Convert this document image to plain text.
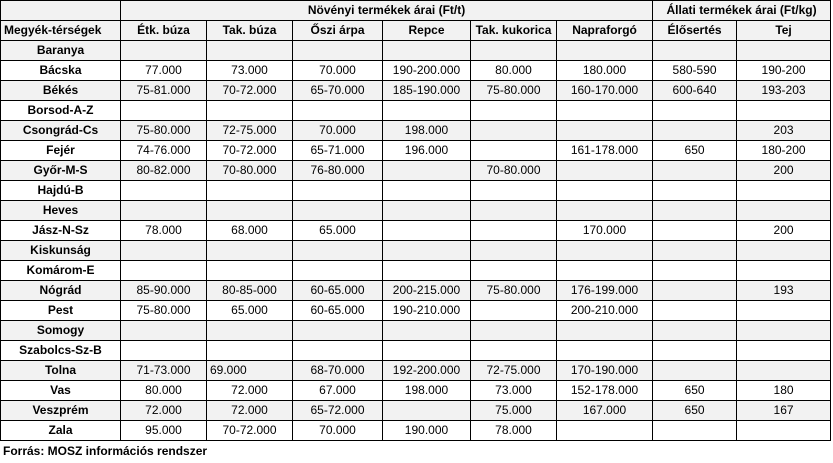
	Növényi termékek árai (Ft/t)						Állati termékek árai (Ft/kg)	
Megyék-térségek	Étk. búza	Tak. búza	Őszi árpa	Repce	Tak. kukorica	Napraforgó	Élősertés	Tej
Baranya								
Bácska	77.000	73.000	70.000	190-200.000	80.000	180.000	580-590	190-200
Békés	75-81.000	70-72.000	65-70.000	185-190.000	75-80.000	160-170.000	600-640	193-203
Borsod-A-Z								
Csongrád-Cs	75-80.000	72-75.000	70.000	198.000				203
Fejér	74-76.000	70-72.000	65-71.000	196.000		161-178.000	650	180-200
Győr-M-S	80-82.000	70-80.000	76-80.000		70-80.000			200
Hajdú-B								
Heves								
Jász-N-Sz	78.000	68.000	65.000			170.000		200
Kiskunság								
Komárom-E								
Nógrád	85-90.000	80-85-000	60-65.000	200-215.000	75-80.000	176-199.000		193
Pest	75-80.000	65.000	60-65.000	190-210.000		200-210.000		
Somogy								
Szabolcs-Sz-B								
Tolna	71-73.000	69.000	68-70.000	192-200.000	72-75.000	170-190.000		
Vas	80.000	72.000	67.000	198.000	73.000	152-178.000	650	180
Veszprém	72.000	72.000	65-72.000		75.000	167.000	650	167
Zala	95.000	70-72.000	70.000	190.000	78.000			
Forrás: MOSZ információs rendszer
